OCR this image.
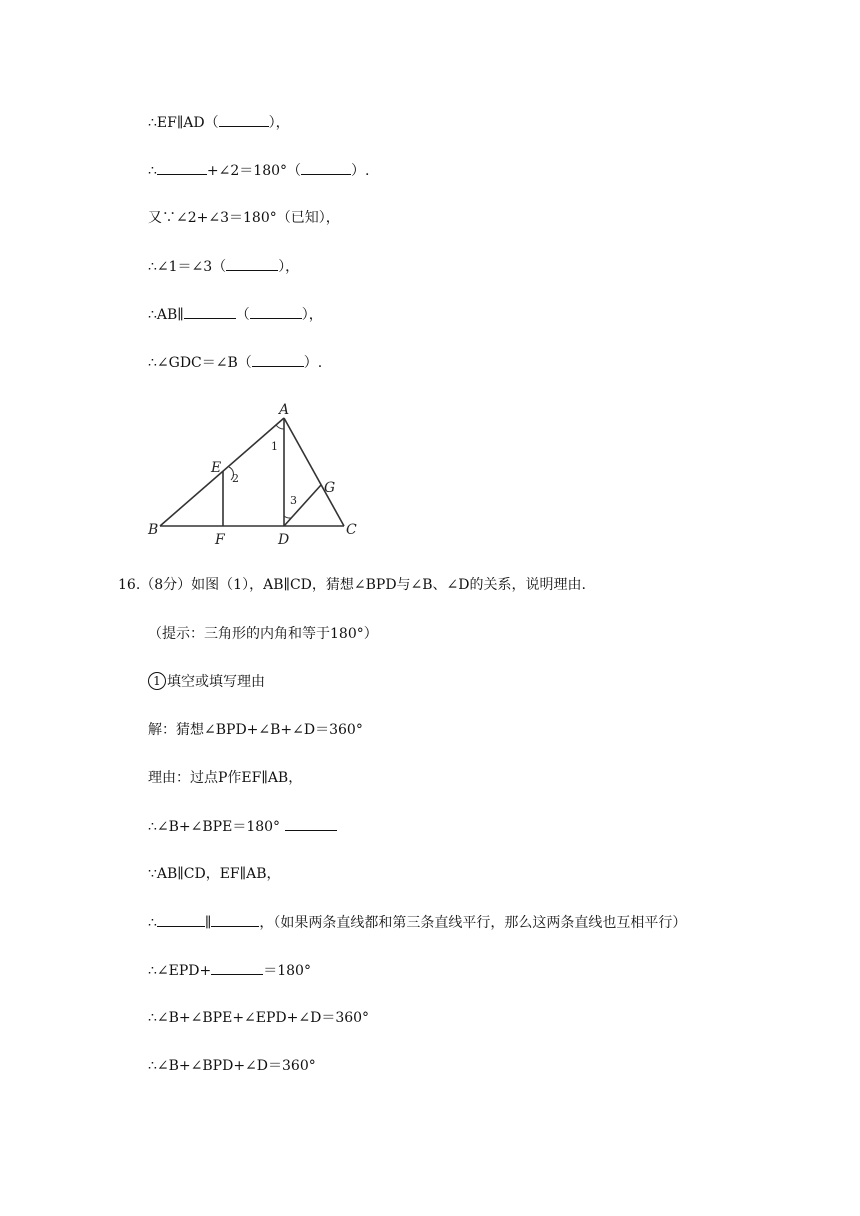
∴EF∥AD（	），
∴	+∠2＝180°（	）.
又∵∠2+∠3＝180°（已知），
∴∠1＝∠3（	），
∴AB∥	（	），
∴∠GDC＝∠B（	）.
A
B	C
D
E
F
G
1
2
3
16.（8分）如图（1），AB∥CD，猜想∠BPD与∠B、∠D的关系，说明理由.
（提示：三角形的内角和等于180°）
1 填空或填写理由
解：猜想∠BPD+∠B+∠D＝360°
理由：过点P作EF∥AB，
∴∠B+∠BPE＝180°
∵AB∥CD，EF∥AB，
∴	∥	，（如果两条直线都和第三条直线平行，那么这两条直线也互相平行）
∴∠EPD+	＝180°
∴∠B+∠BPE+∠EPD+∠D＝360°
∴∠B+∠BPD+∠D＝360°
